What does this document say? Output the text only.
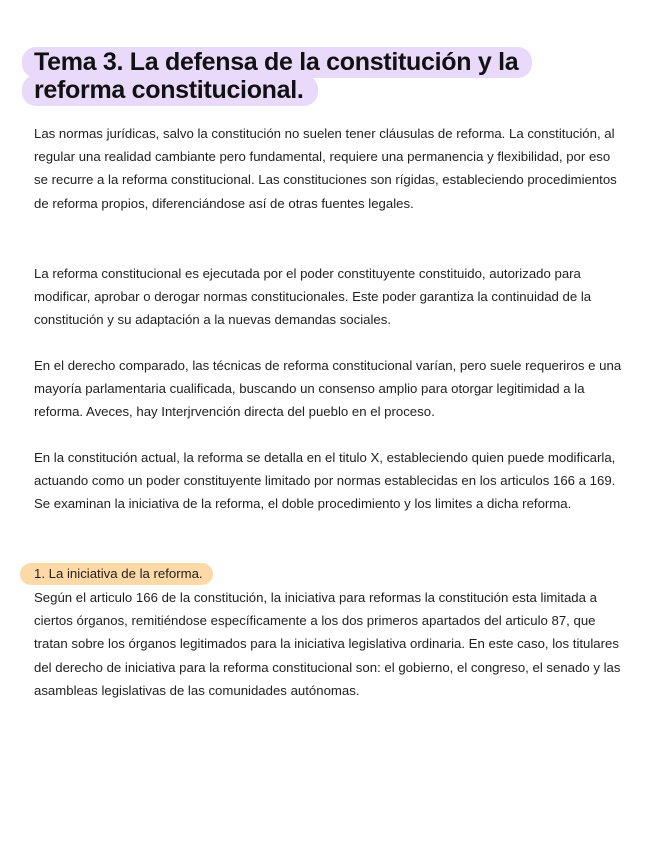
Tema 3. La defensa de la constitución y la
reforma constitucional.

Las normas jurídicas, salvo la constitución no suelen tener cláusulas de reforma. La constitución, al regular una realidad cambiante pero fundamental, requiere una permanencia y flexibilidad, por eso se recurre a la reforma constitucional. Las constituciones son rígidas, estableciendo procedimientos de reforma propios, diferenciándose así de otras fuentes legales.

La reforma constitucional es ejecutada por el poder constituyente constituido, autorizado para modificar, aprobar o derogar normas constitucionales. Este poder garantiza la continuidad de la constitución y su adaptación a la nuevas demandas sociales.

En el derecho comparado, las técnicas de reforma constitucional varían, pero suele requeriros e una mayoría parlamentaria cualificada, buscando un consenso amplio para otorgar legitimidad a la reforma. Aveces, hay Interjrvención directa del pueblo en el proceso.

En la constitución actual, la reforma se detalla en el titulo X, estableciendo quien puede modificarla, actuando como un poder constituyente limitado por normas establecidas en los articulos 166 a 169. Se examinan la iniciativa de la reforma, el doble procedimiento y los limites a dicha reforma.

1. La iniciativa de la reforma.

Según el articulo 166 de la constitución, la iniciativa para reformas la constitución esta limitada a ciertos órganos, remitiéndose específicamente a los dos primeros apartados del articulo 87, que tratan sobre los órganos legitimados para la iniciativa legislativa ordinaria. En este caso, los titulares del derecho de iniciativa para la reforma constitucional son: el gobierno, el congreso, el senado y las asambleas legislativas de las comunidades autónomas.
